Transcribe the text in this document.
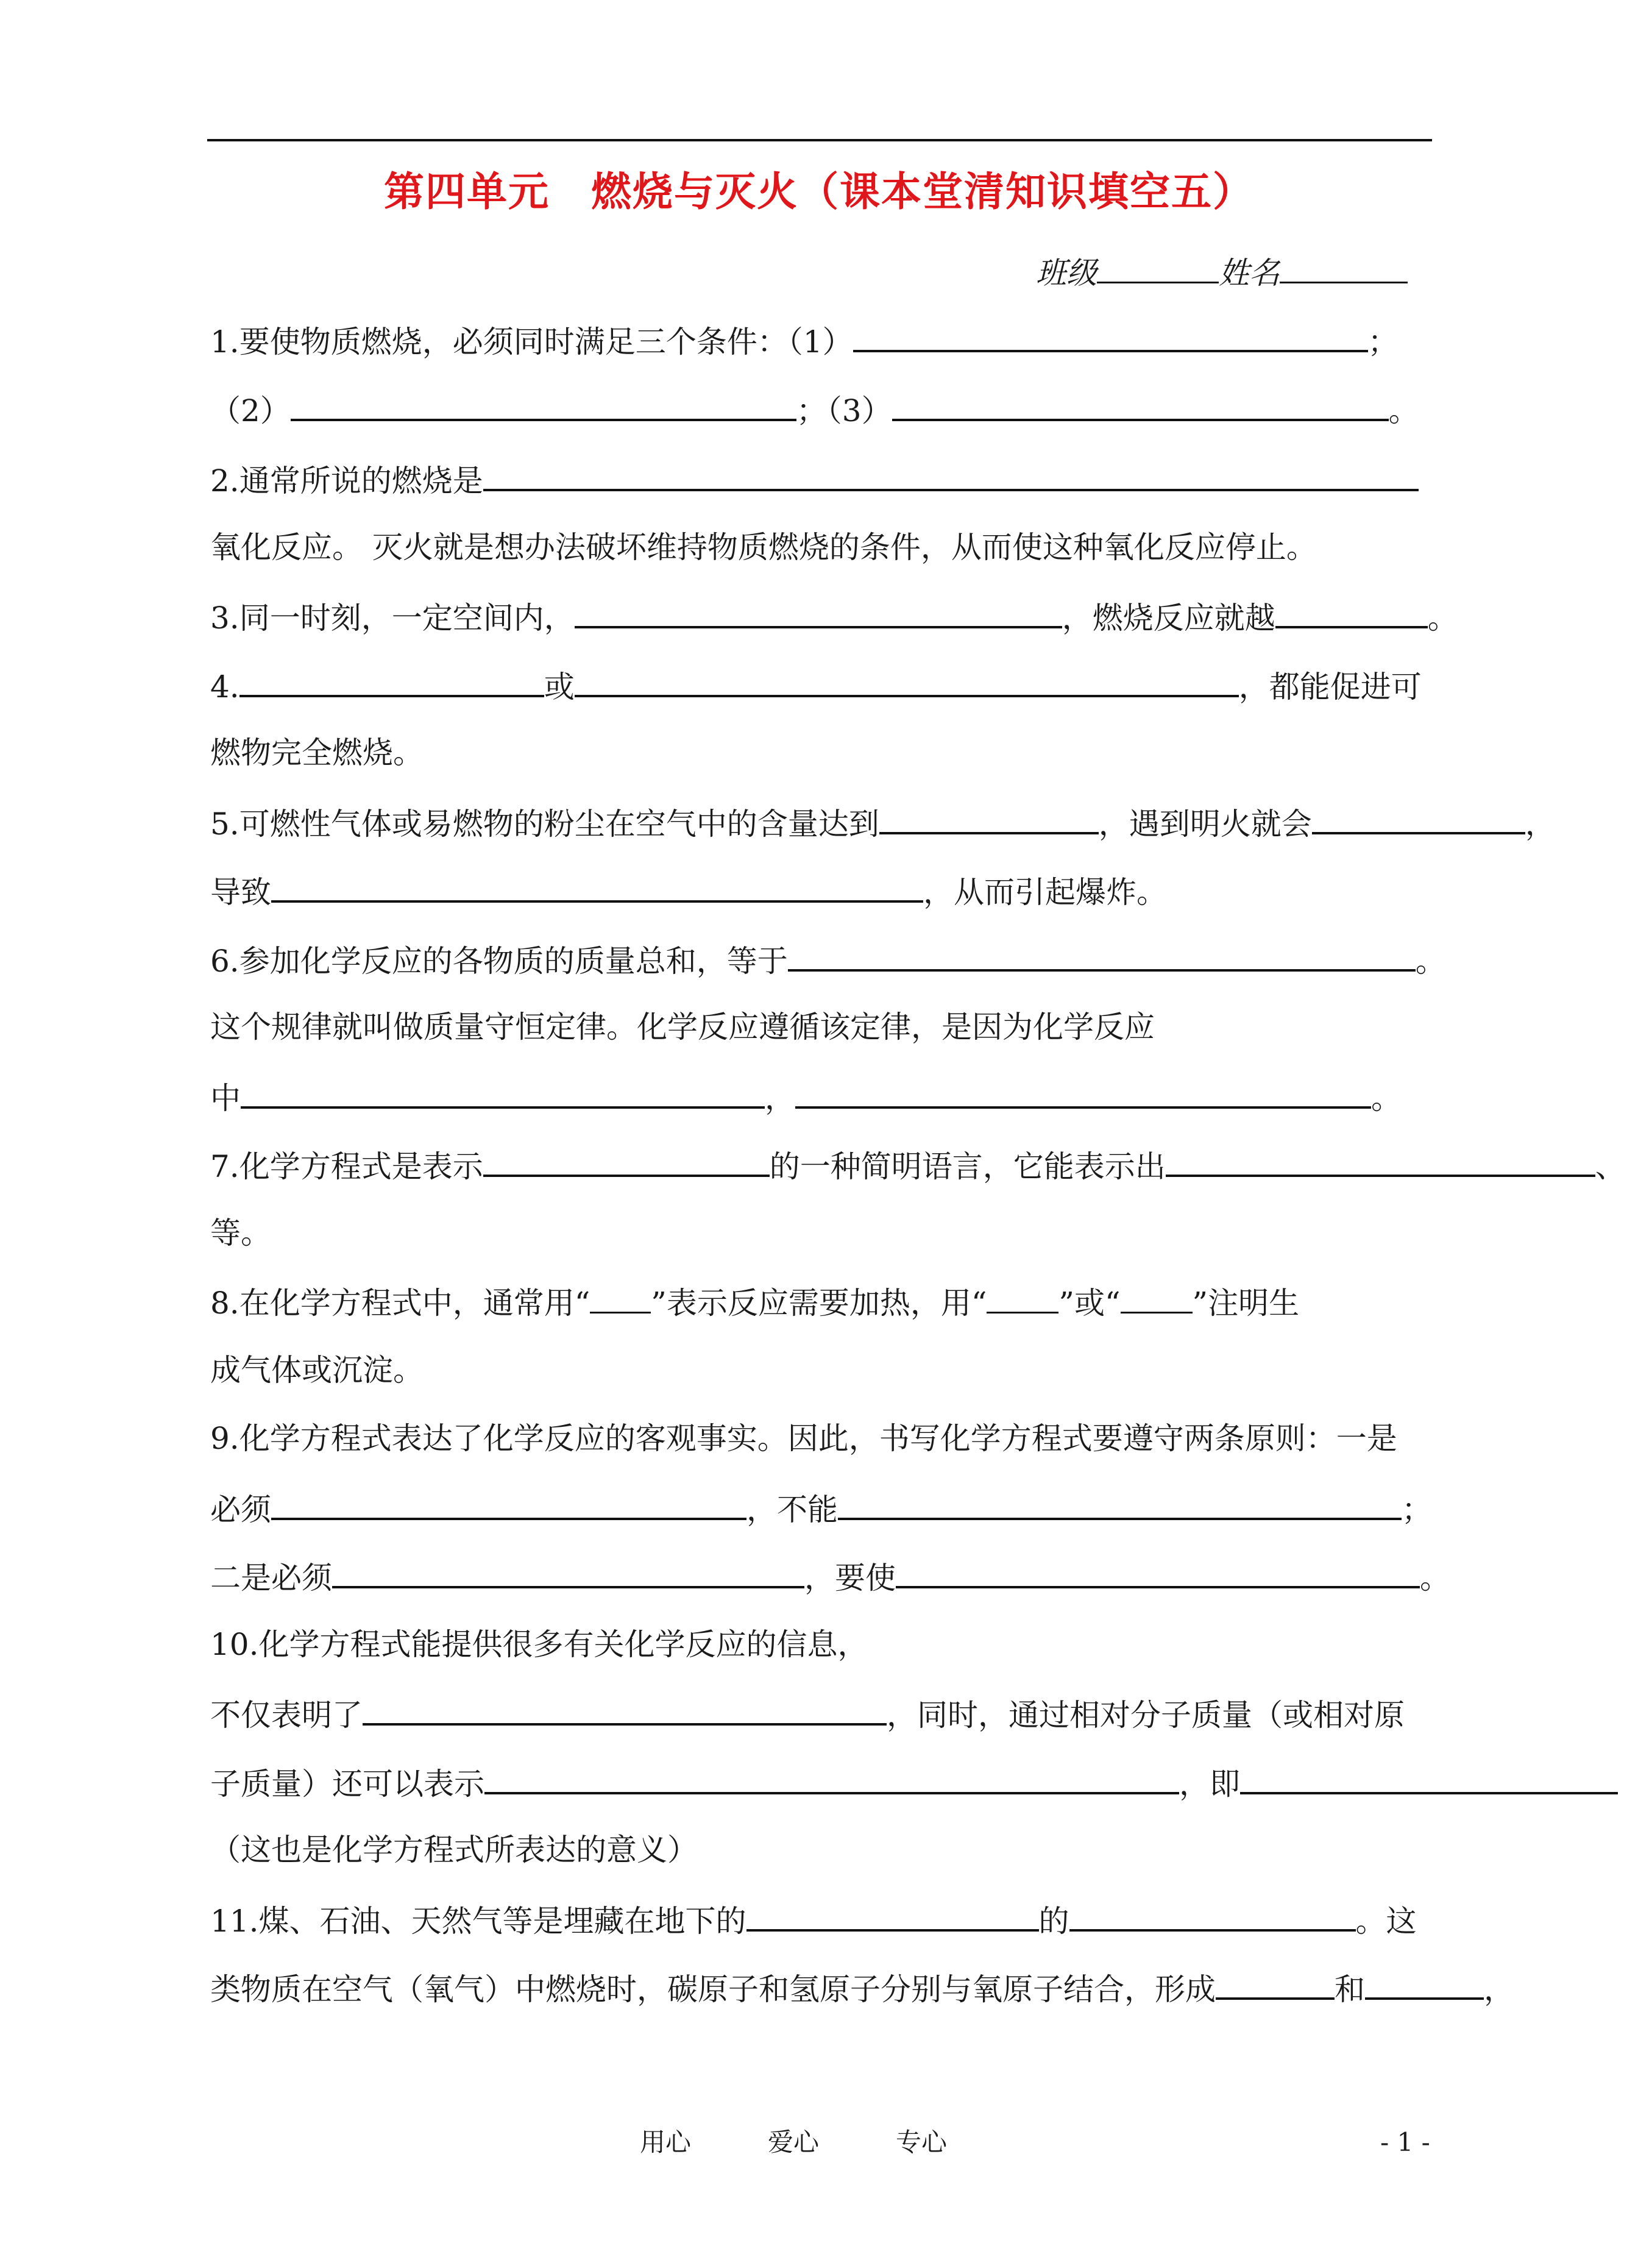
第四单元　燃烧与灭火（课本堂清知识填空五）
班级	姓名
1.要使物质燃烧，必须同时满足三个条件：（1）	；
（2）	；（3）	。
2.通常所说的燃烧是
氧化反应。 灭火就是想办法破坏维持物质燃烧的条件，从而使这种氧化反应停止。
3.同一时刻，一定空间内，	，燃烧反应就越	。
4.	或	，都能促进可
燃物完全燃烧。
5.可燃性气体或易燃物的粉尘在空气中的含量达到	，遇到明火就会	，
导致	，从而引起爆炸。
6.参加化学反应的各物质的质量总和，等于	。
这个规律就叫做质量守恒定律。化学反应遵循该定律，是因为化学反应
中	，	。
7.化学方程式是表示	的一种简明语言，它能表示出	、
等。
8.在化学方程式中，通常用“ ”表示反应需要加热，用“ ”或“ ”注明生
成气体或沉淀。
9.化学方程式表达了化学反应的客观事实。因此，书写化学方程式要遵守两条原则：一是
必须	，不能	；
二是必须	，要使	。
10.化学方程式能提供很多有关化学反应的信息，
不仅表明了	，同时，通过相对分子质量（或相对原
子质量）还可以表示	，即
（这也是化学方程式所表达的意义）
11.煤、石油、天然气等是埋藏在地下的	的	。这
类物质在空气（氧气）中燃烧时，碳原子和氢原子分别与氧原子结合，形成	和	，
用心　　　爱心　　　专心	- 1 -
